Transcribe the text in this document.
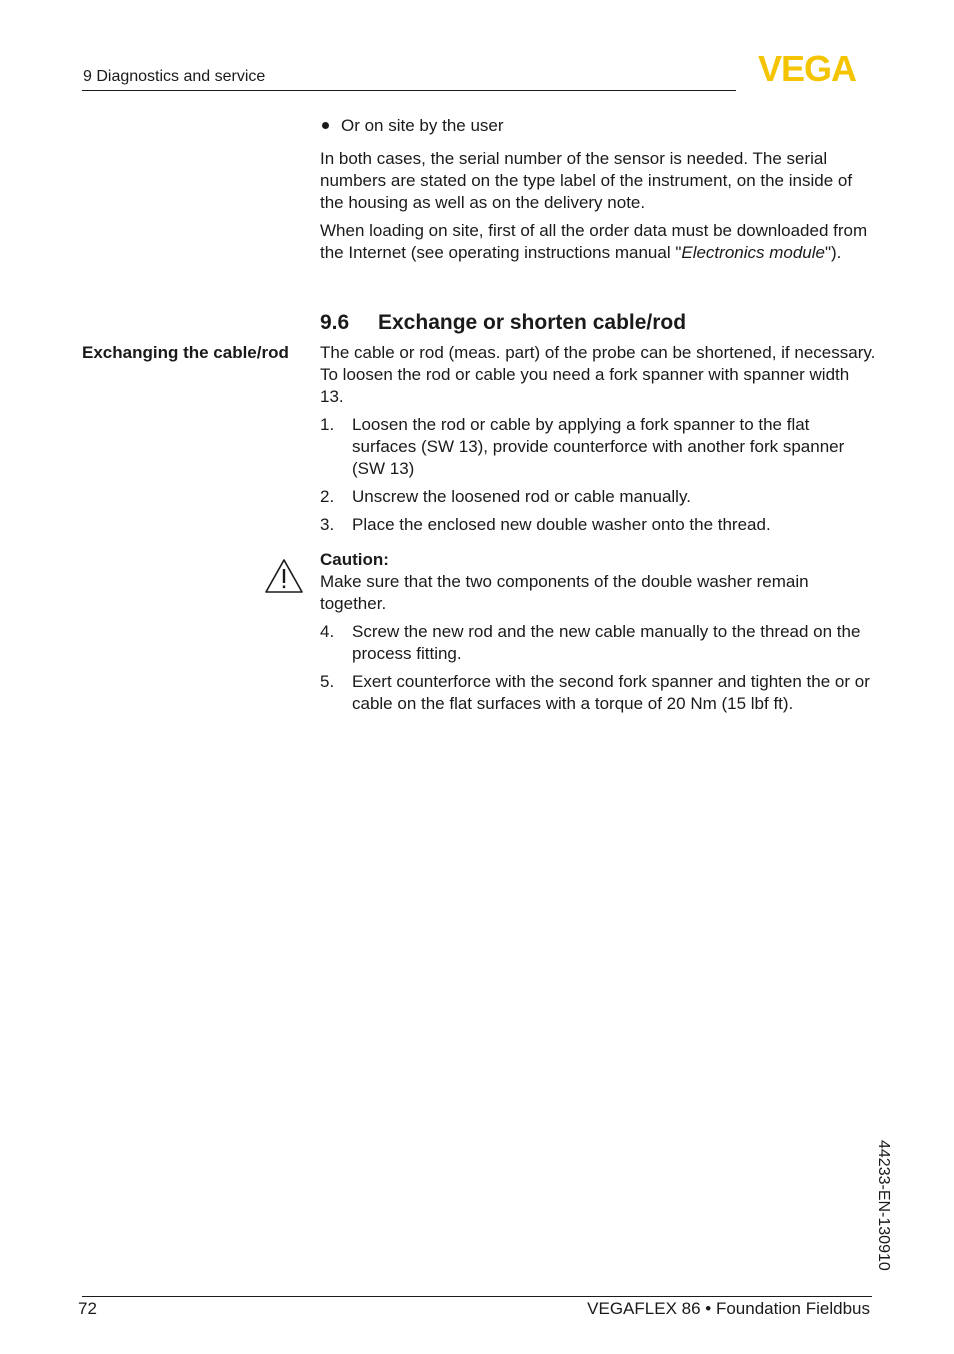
9 Diagnostics and service	VEGA
Or on site by the user

In both cases, the serial number of the sensor is needed. The serial numbers are stated on the type label of the instrument, on the inside of the housing as well as on the delivery note.

When loading on site, first of all the order data must be downloaded from the Internet (see operating instructions manual "Electronics module").

9.6 Exchange or shorten cable/rod
Exchanging the cable/rod The cable or rod (meas. part) of the probe can be shortened, if necessary. To loosen the rod or cable you need a fork spanner with spanner width 13.

1. Loosen the rod or cable by applying a fork spanner to the flat surfaces (SW 13), provide counterforce with another fork spanner (SW 13)
2. Unscrew the loosened rod or cable manually.
3. Place the enclosed new double washer onto the thread.
Caution:
Make sure that the two components of the double washer remain together.
4. Screw the new rod and the new cable manually to the thread on the process fitting.
5. Exert counterforce with the second fork spanner and tighten the or or cable on the flat surfaces with a torque of 20 Nm (15 lbf ft).
44233-EN-130910
72	VEGAFLEX 86 • Foundation Fieldbus
